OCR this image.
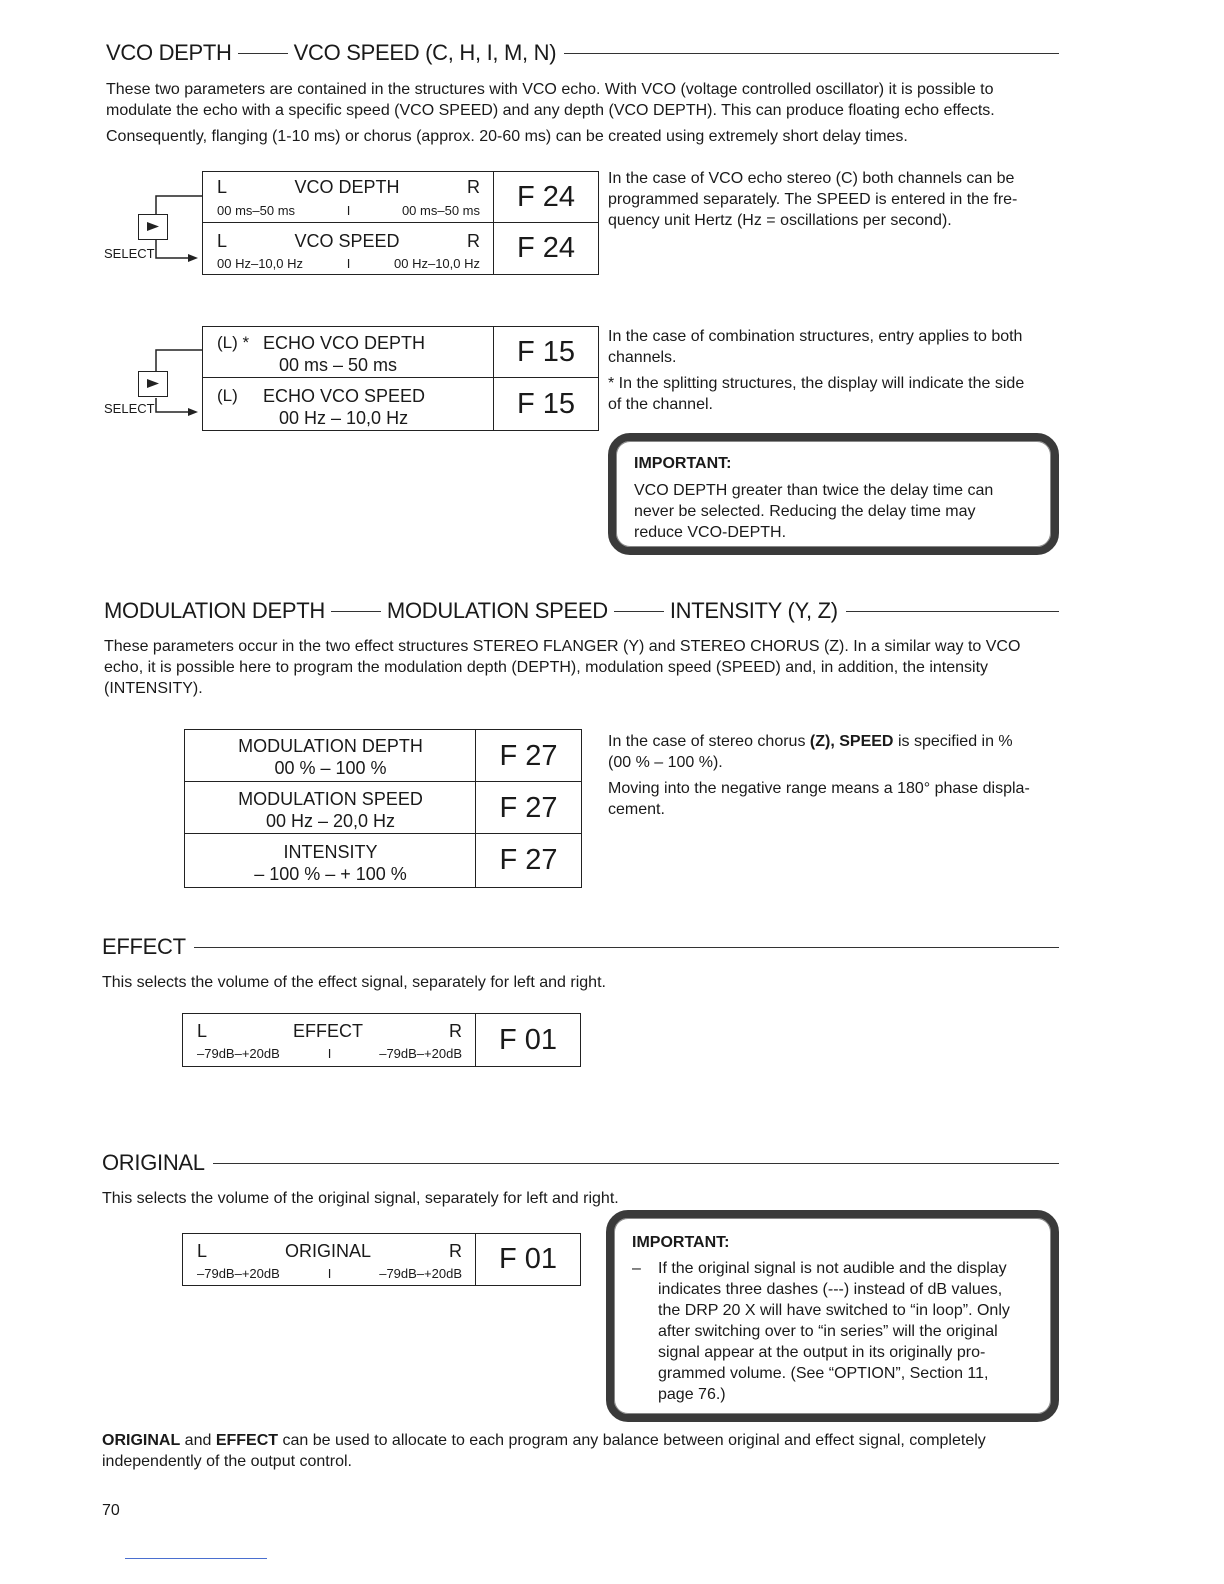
VCO DEPTH	VCO SPEED (C, H, I, M, N)
These two parameters are contained in the structures with VCO echo. With VCO (voltage controlled oscillator) it is possible to
modulate the echo with a specific speed (VCO SPEED) and any depth (VCO DEPTH). This can produce floating echo effects.
Consequently, flanging (1-10 ms) or chorus (approx. 20-60 ms) can be created using extremely short delay times.
SELECT
L	VCO DEPTH	R
00 ms–50 ms	I	00 ms–50 ms	F 24
L	VCO SPEED	R
00 Hz–10,0 Hz	I	00 Hz–10,0 Hz	F 24
In the case of VCO echo stereo (C) both channels can be
programmed separately. The SPEED is entered in the fre-
quency unit Hertz (Hz = oscillations per second).
SELECT
(L) * ECHO VCO DEPTH
00 ms – 50 ms	F 15
(L) ECHO VCO SPEED
00 Hz – 10,0 Hz	F 15
In the case of combination structures, entry applies to both
channels.
* In the splitting structures, the display will indicate the side
of the channel.
IMPORTANT:
VCO DEPTH greater than twice the delay time can
never be selected. Reducing the delay time may
reduce VCO-DEPTH.
MODULATION DEPTH	MODULATION SPEED	INTENSITY (Y, Z)
These parameters occur in the two effect structures STEREO FLANGER (Y) and STEREO CHORUS (Z). In a similar way to VCO
echo, it is possible here to program the modulation depth (DEPTH), modulation speed (SPEED) and, in addition, the intensity
(INTENSITY).
MODULATION DEPTH
00 % – 100 %	F 27
MODULATION SPEED
00 Hz – 20,0 Hz	F 27
INTENSITY
– 100 % – + 100 %	F 27
In the case of stereo chorus (Z), SPEED is specified in %
(00 % – 100 %).
Moving into the negative range means a 180° phase displa-
cement.
EFFECT
This selects the volume of the effect signal, separately for left and right.
L	EFFECT	R
–79dB–+20dB	I	–79dB–+20dB	F 01
ORIGINAL
This selects the volume of the original signal, separately for left and right.
L	ORIGINAL	R
–79dB–+20dB	I	–79dB–+20dB	F 01
IMPORTANT:
–	If the original signal is not audible and the display
indicates three dashes (---) instead of dB values,
the DRP 20 X will have switched to “in loop”. Only
after switching over to “in series” will the original
signal appear at the output in its originally pro-
grammed volume. (See “OPTION”, Section 11,
page 76.)
ORIGINAL and EFFECT can be used to allocate to each program any balance between original and effect signal, completely
independently of the output control.
70
